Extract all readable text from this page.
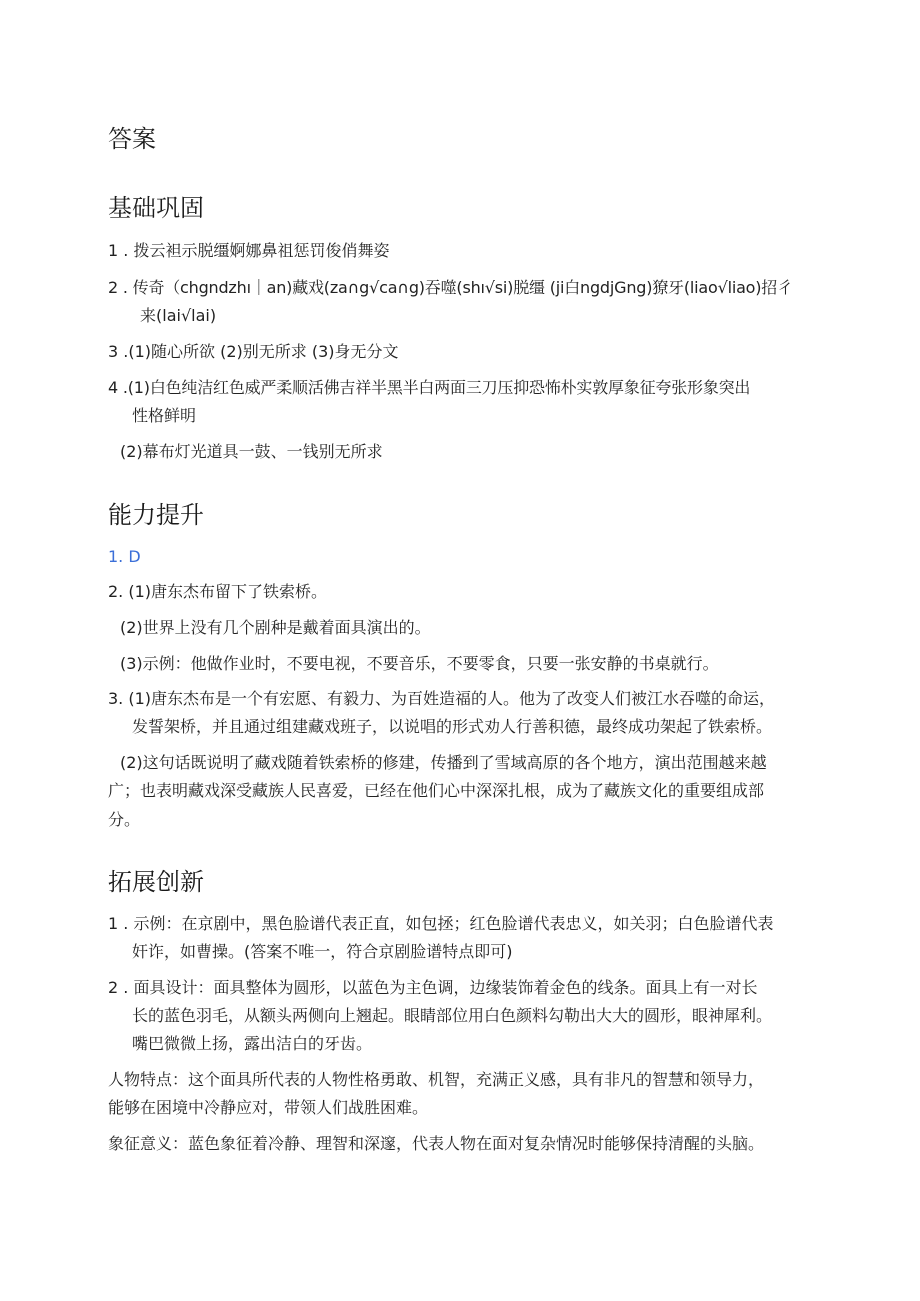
答案
基础巩固
1 . 拨云袒示脱缰婀娜鼻祖惩罚俊俏舞姿
2 . 传奇（chgndzhı｜an)藏戏(za∩g√ca∩g)吞噬(shı√si)脱缰 (ji白ngdjGng)獠牙(liao√liao)招彳
来(lai√lai)
3 .(1)随心所欲 (2)别无所求 (3)身无分文
4 .(1)白色纯洁红色威严柔顺活佛吉祥半黑半白两面三刀压抑恐怖朴实敦厚象征夸张形象突出
性格鲜明
(2)幕布灯光道具一鼓、一钱别无所求
能力提升
1. D
2. (1)唐东杰布留下了铁索桥。
(2)世界上没有几个剧种是戴着面具演出的。
(3)示例：他做作业时，不要电视，不要音乐，不要零食，只要一张安静的书桌就行。
3. (1)唐东杰布是一个有宏愿、有毅力、为百姓造福的人。他为了改变人们被江水吞噬的命运，
发誓架桥，并且通过组建藏戏班子，以说唱的形式劝人行善积德，最终成功架起了铁索桥。
(2)这句话既说明了藏戏随着铁索桥的修建，传播到了雪域高原的各个地方，演出范围越来越
广；也表明藏戏深受藏族人民喜爱，已经在他们心中深深扎根，成为了藏族文化的重要组成部
分。
拓展创新
1 . 示例：在京剧中，黑色脸谱代表正直，如包拯；红色脸谱代表忠义，如关羽；白色脸谱代表
奸诈，如曹操。(答案不唯一，符合京剧脸谱特点即可)
2 . 面具设计：面具整体为圆形，以蓝色为主色调，边缘装饰着金色的线条。面具上有一对长
长的蓝色羽毛，从额头两侧向上翘起。眼睛部位用白色颜料勾勒出大大的圆形，眼神犀利。
嘴巴微微上扬，露出洁白的牙齿。
人物特点：这个面具所代表的人物性格勇敢、机智，充满正义感，具有非凡的智慧和领导力，
能够在困境中冷静应对，带领人们战胜困难。
象征意义：蓝色象征着冷静、理智和深邃，代表人物在面对复杂情况时能够保持清醒的头脑。
